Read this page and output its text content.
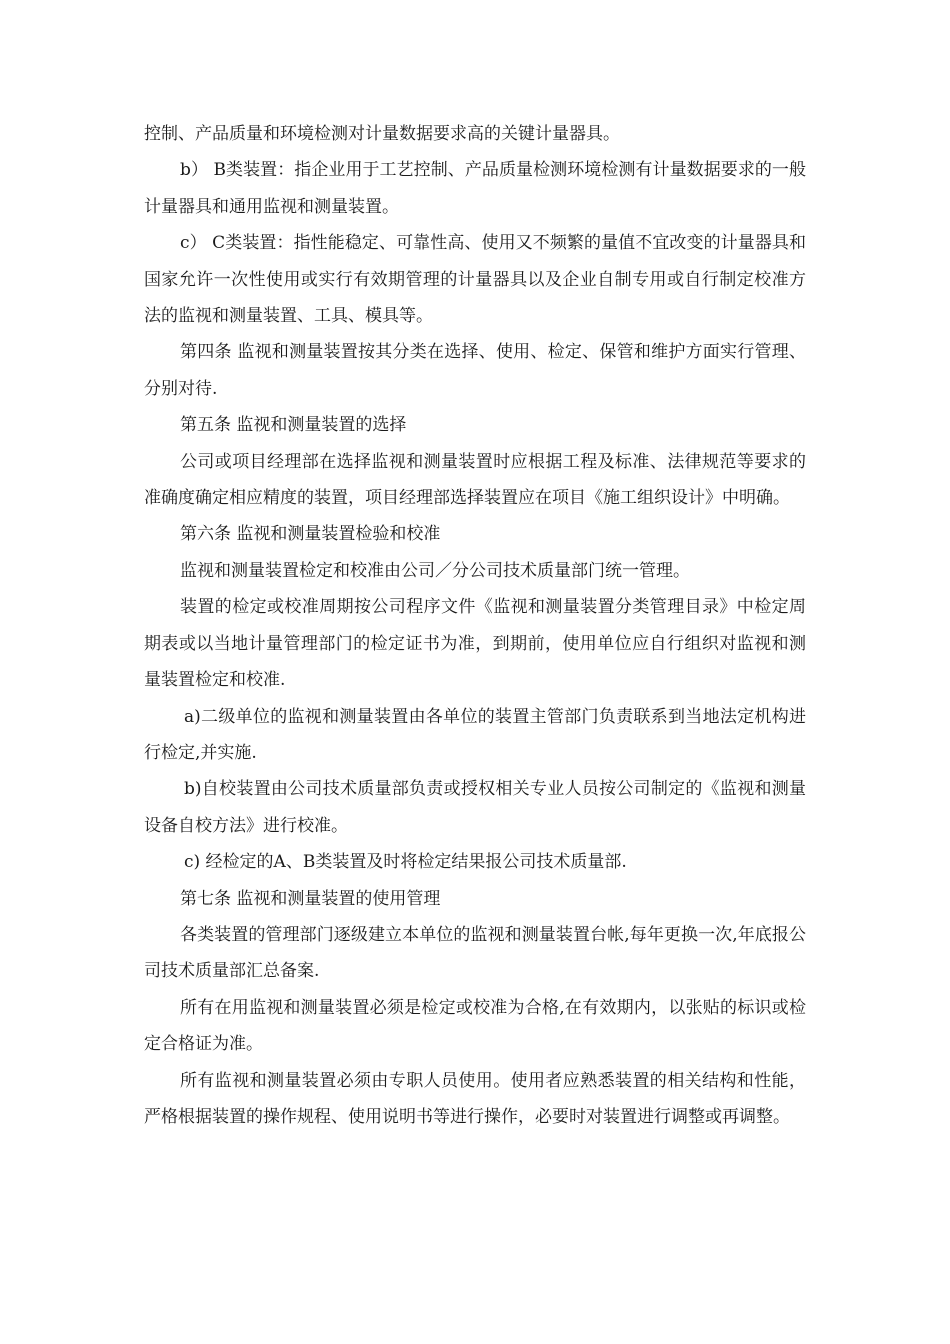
控制、产品质量和环境检测对计量数据要求高的关键计量器具。

b） B类装置：指企业用于工艺控制、产品质量检测环境检测有计量数据要求的一般计量器具和通用监视和测量装置。

c） C类装置：指性能稳定、可靠性高、使用又不频繁的量值不宜改变的计量器具和国家允许一次性使用或实行有效期管理的计量器具以及企业自制专用或自行制定校准方法的监视和测量装置、工具、模具等。

第四条 监视和测量装置按其分类在选择、使用、检定、保管和维护方面实行管理、分别对待.

第五条 监视和测量装置的选择

公司或项目经理部在选择监视和测量装置时应根据工程及标准、法律规范等要求的准确度确定相应精度的装置，项目经理部选择装置应在项目《施工组织设计》中明确。

第六条 监视和测量装置检验和校准

监视和测量装置检定和校准由公司／分公司技术质量部门统一管理。

装置的检定或校准周期按公司程序文件《监视和测量装置分类管理目录》中检定周期表或以当地计量管理部门的检定证书为准，到期前，使用单位应自行组织对监视和测量装置检定和校准.

a)二级单位的监视和测量装置由各单位的装置主管部门负责联系到当地法定机构进行检定,并实施.

b)自校装置由公司技术质量部负责或授权相关专业人员按公司制定的《监视和测量设备自校方法》进行校准。

c) 经检定的A、B类装置及时将检定结果报公司技术质量部.

第七条 监视和测量装置的使用管理

各类装置的管理部门逐级建立本单位的监视和测量装置台帐,每年更换一次,年底报公司技术质量部汇总备案.

所有在用监视和测量装置必须是检定或校准为合格,在有效期内，以张贴的标识或检定合格证为准。

所有监视和测量装置必须由专职人员使用。使用者应熟悉装置的相关结构和性能，严格根据装置的操作规程、使用说明书等进行操作，必要时对装置进行调整或再调整。
